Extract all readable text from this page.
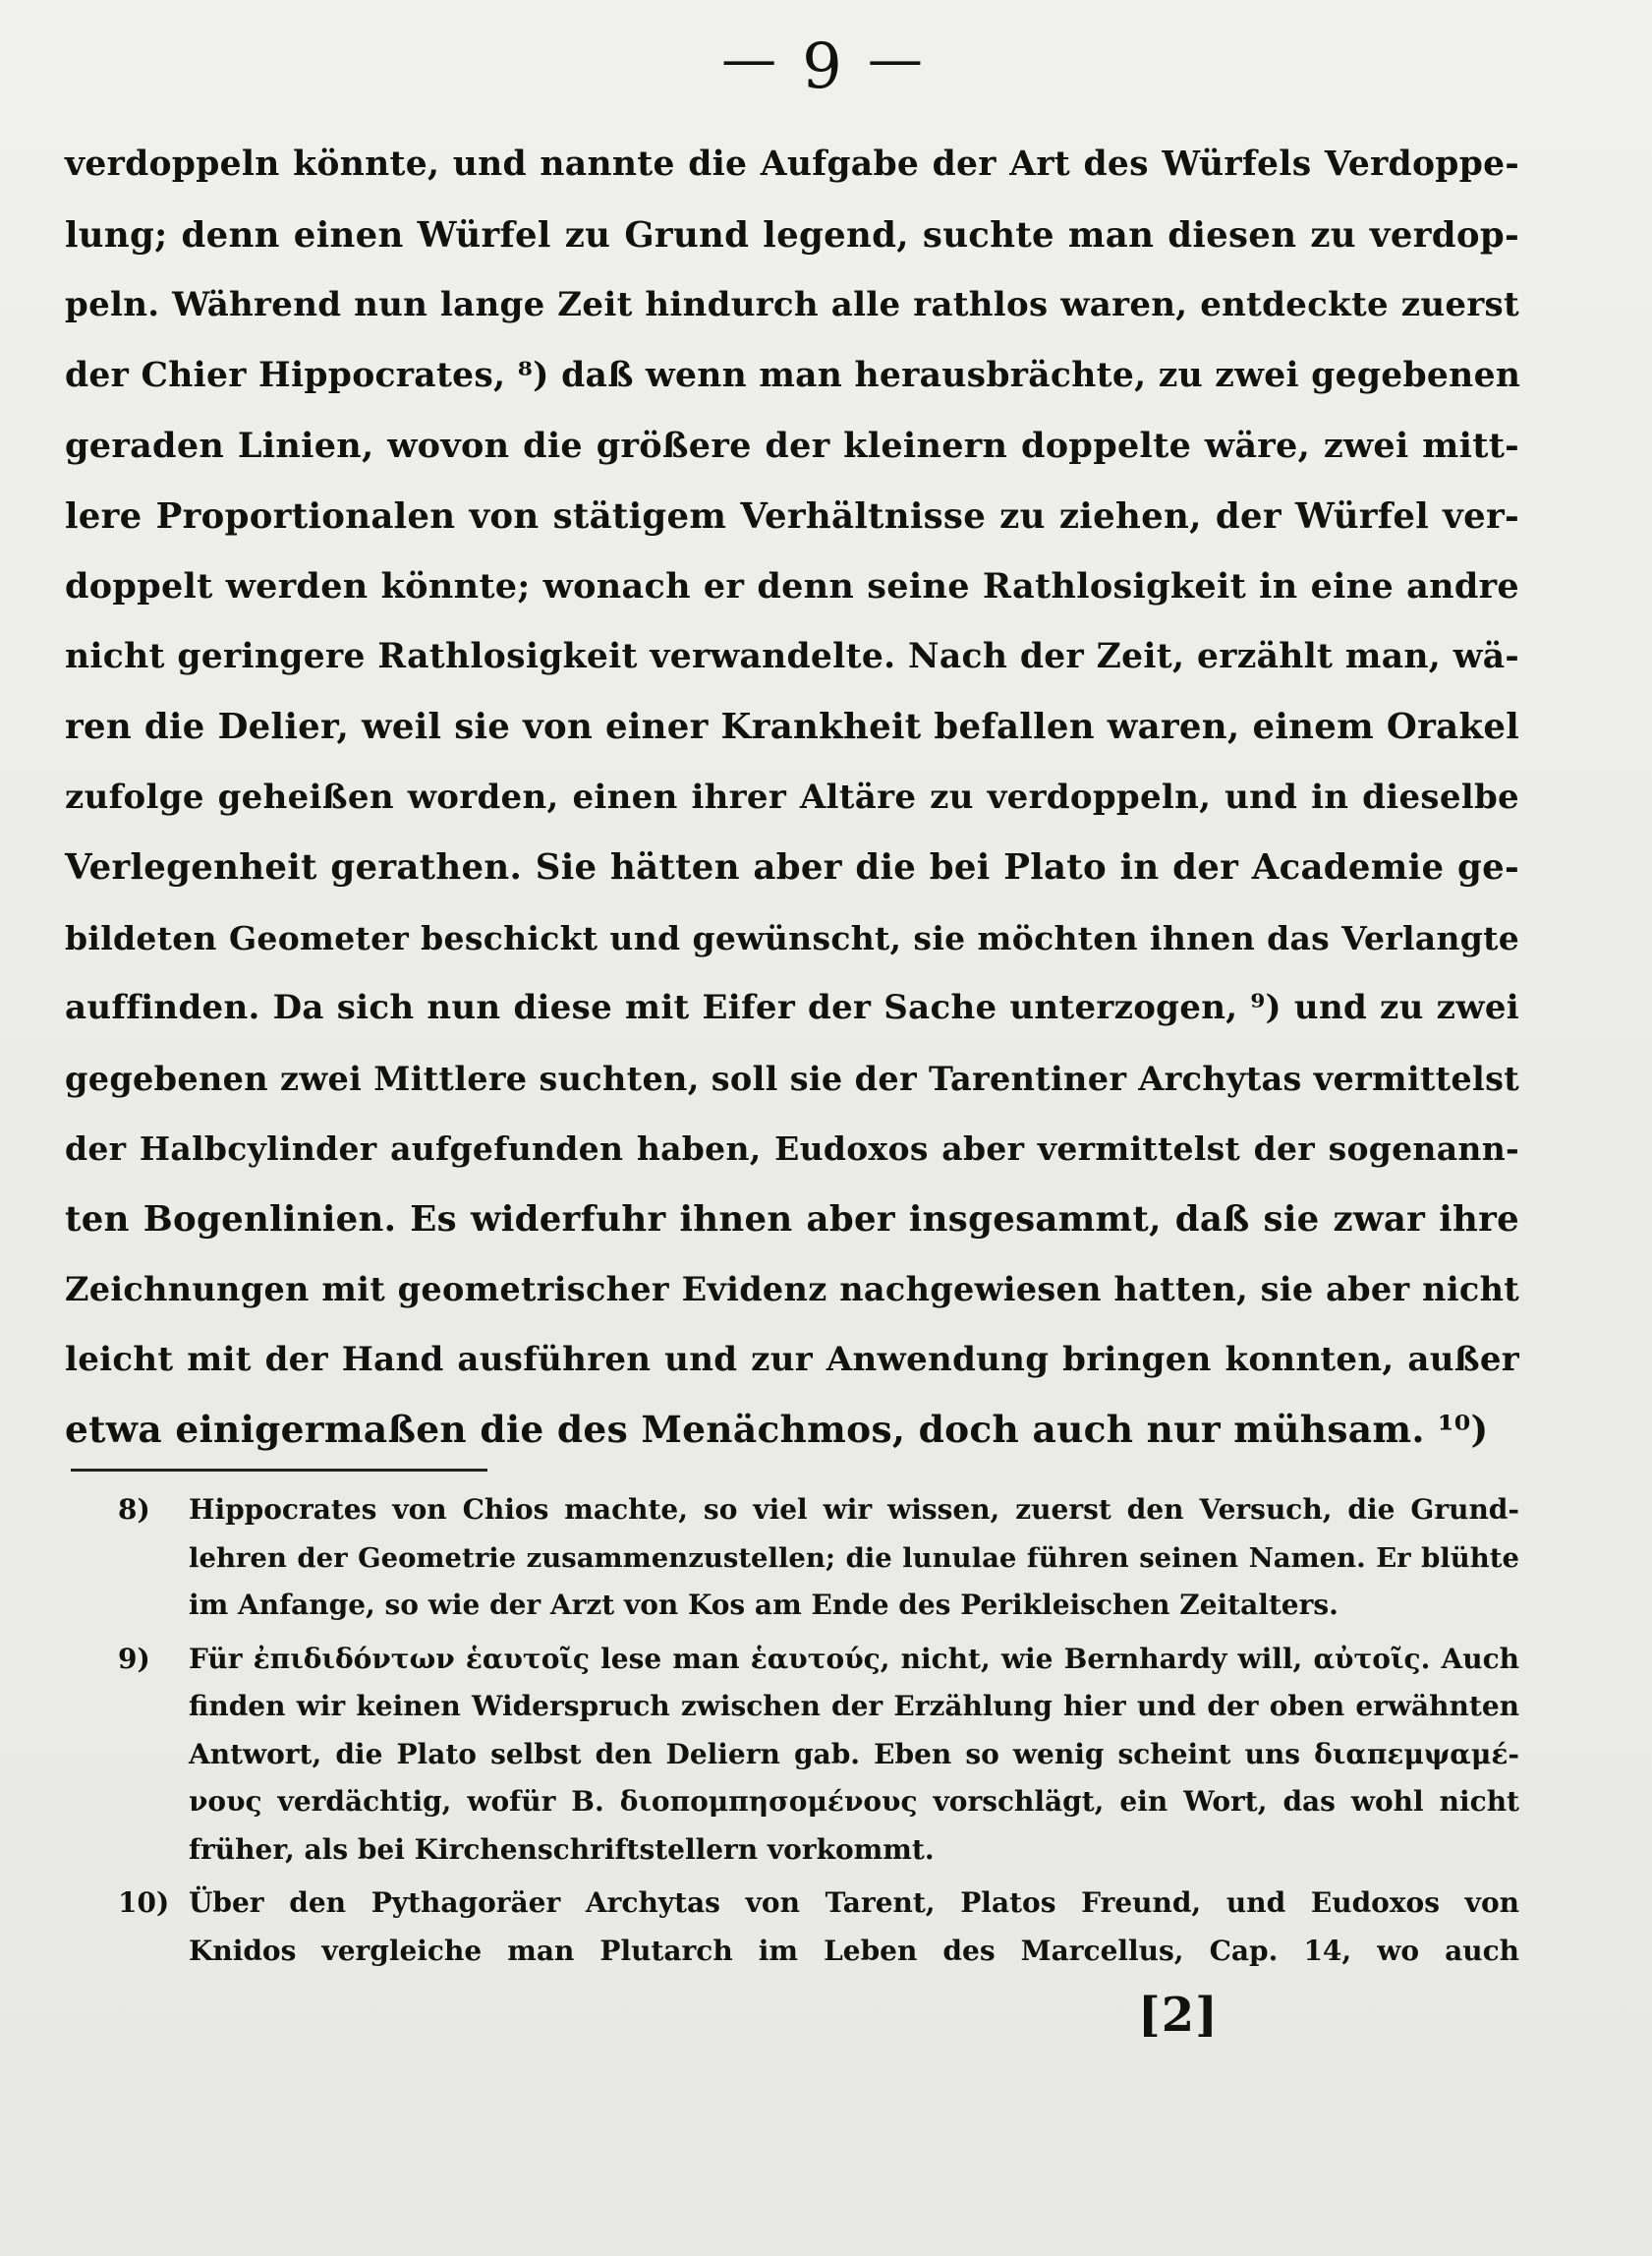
— 9 —
verdoppeln könnte, und nannte die Aufgabe der Art des Würfels Verdoppe-
lung; denn einen Würfel zu Grund legend, suchte man diesen zu verdop-
peln. Während nun lange Zeit hindurch alle rathlos waren, entdeckte zuerst
der Chier Hippocrates, ⁸) daß wenn man herausbrächte, zu zwei gegebenen
geraden Linien, wovon die größere der kleinern doppelte wäre, zwei mitt-
lere Proportionalen von stätigem Verhältnisse zu ziehen, der Würfel ver-
doppelt werden könnte; wonach er denn seine Rathlosigkeit in eine andre
nicht geringere Rathlosigkeit verwandelte. Nach der Zeit, erzählt man, wä-
ren die Delier, weil sie von einer Krankheit befallen waren, einem Orakel
zufolge geheißen worden, einen ihrer Altäre zu verdoppeln, und in dieselbe
Verlegenheit gerathen. Sie hätten aber die bei Plato in der Academie ge-
bildeten Geometer beschickt und gewünscht, sie möchten ihnen das Verlangte
auffinden. Da sich nun diese mit Eifer der Sache unterzogen, ⁹) und zu zwei
gegebenen zwei Mittlere suchten, soll sie der Tarentiner Archytas vermittelst
der Halbcylinder aufgefunden haben, Eudoxos aber vermittelst der sogenann-
ten Bogenlinien. Es widerfuhr ihnen aber insgesammt, daß sie zwar ihre
Zeichnungen mit geometrischer Evidenz nachgewiesen hatten, sie aber nicht
leicht mit der Hand ausführen und zur Anwendung bringen konnten, außer
etwa einigermaßen die des Menächmos, doch auch nur mühsam. ¹⁰)
8)	Hippocrates von Chios machte, so viel wir wissen, zuerst den Versuch, die Grund-
lehren der Geometrie zusammenzustellen; die lunulae führen seinen Namen. Er blühte
im Anfange, so wie der Arzt von Kos am Ende des Perikleischen Zeitalters.
9)	Für ἐπιδιδόντων ἑαυτοῖς lese man ἑαυτούς, nicht, wie Bernhardy will, αὐτοῖς. Auch
finden wir keinen Widerspruch zwischen der Erzählung hier und der oben erwähnten
Antwort, die Plato selbst den Deliern gab. Eben so wenig scheint uns διαπεμψαμέ-
νους verdächtig, wofür B. διοπομπησομένους vorschlägt, ein Wort, das wohl nicht
früher, als bei Kirchenschriftstellern vorkommt.
10) Über den Pythagoräer Archytas von Tarent, Platos Freund, und Eudoxos von
Knidos vergleiche man Plutarch im Leben des Marcellus, Cap. 14, wo auch
[2]
